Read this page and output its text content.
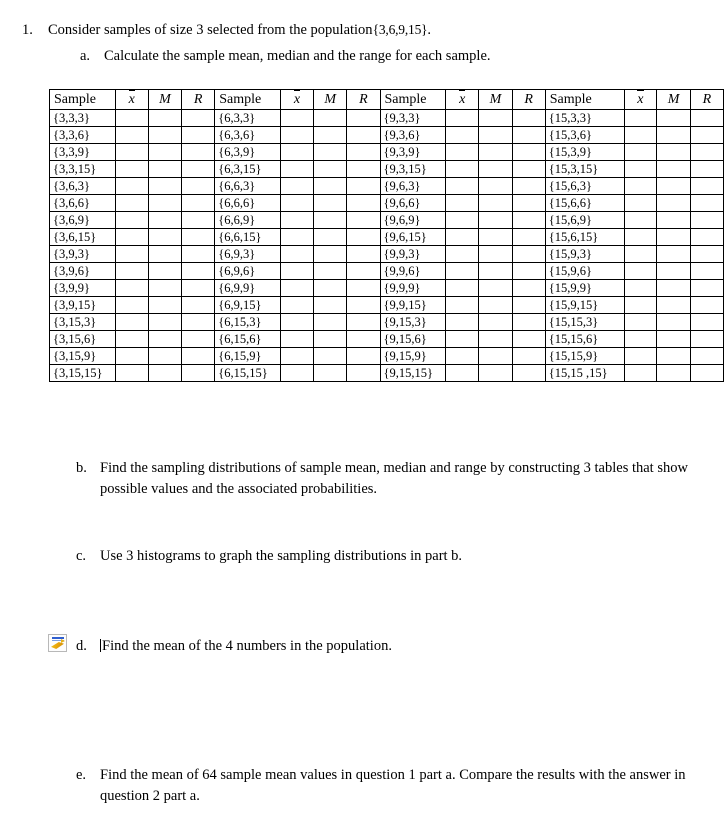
1. Consider samples of size 3 selected from the population{3,6,9,15}.
a. Calculate the sample mean, median and the range for each sample.
Sample	x	M	R	Sample	x	M	R	Sample	x	M	R	Sample	x	M	R
{3,3,3}				{6,3,3}				{9,3,3}				{15,3,3}			
{3,3,6}				{6,3,6}				{9,3,6}				{15,3,6}			
{3,3,9}				{6,3,9}				{9,3,9}				{15,3,9}			
{3,3,15}				{6,3,15}				{9,3,15}				{15,3,15}			
{3,6,3}				{6,6,3}				{9,6,3}				{15,6,3}			
{3,6,6}				{6,6,6}				{9,6,6}				{15,6,6}			
{3,6,9}				{6,6,9}				{9,6,9}				{15,6,9}			
{3,6,15}				{6,6,15}				{9,6,15}				{15,6,15}			
{3,9,3}				{6,9,3}				{9,9,3}				{15,9,3}			
{3,9,6}				{6,9,6}				{9,9,6}				{15,9,6}			
{3,9,9}				{6,9,9}				{9,9,9}				{15,9,9}			
{3,9,15}				{6,9,15}				{9,9,15}				{15,9,15}			
{3,15,3}				{6,15,3}				{9,15,3}				{15,15,3}			
{3,15,6}				{6,15,6}				{9,15,6}				{15,15,6}			
{3,15,9}				{6,15,9}				{9,15,9}				{15,15,9}			
{3,15,15}				{6,15,15}				{9,15,15}				{15,15 ,15}			
b. Find the sampling distributions of sample mean, median and range by constructing 3 tables that show possible values and the associated probabilities.
c. Use 3 histograms to graph the sampling distributions in part b.
d.	Find the mean of the 4 numbers in the population.
e. Find the mean of 64 sample mean values in question 1 part a. Compare the results with the answer in question 2 part a.
